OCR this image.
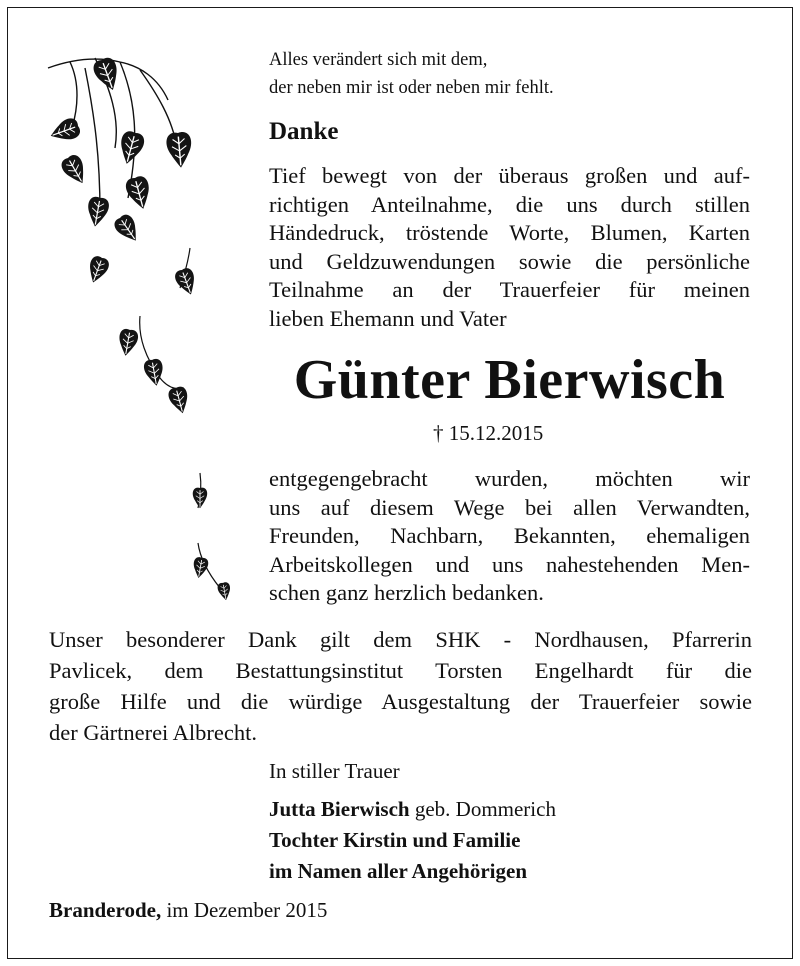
Alles verändert sich mit dem,
der neben mir ist oder neben mir fehlt.
Danke
Tief bewegt von der überaus großen und auf-
richtigen Anteilnahme, die uns durch stillen
Händedruck, tröstende Worte, Blumen, Karten
und Geldzuwendungen sowie die persönliche
Teilnahme an der Trauerfeier für meinen
lieben Ehemann und Vater
Günter Bierwisch
† 15.12.2015
entgegengebracht wurden, möchten wir
uns auf diesem Wege bei allen Verwandten,
Freunden, Nachbarn, Bekannten, ehemaligen
Arbeitskollegen und uns nahestehenden Men-
schen ganz herzlich bedanken.
Unser besonderer Dank gilt dem SHK - Nordhausen, Pfarrerin
Pavlicek, dem Bestattungsinstitut Torsten Engelhardt für die
große Hilfe und die würdige Ausgestaltung der Trauerfeier sowie
der Gärtnerei Albrecht.
In stiller Trauer
Jutta Bierwisch geb. Dommerich
Tochter Kirstin und Familie
im Namen aller Angehörigen
Branderode, im Dezember 2015
